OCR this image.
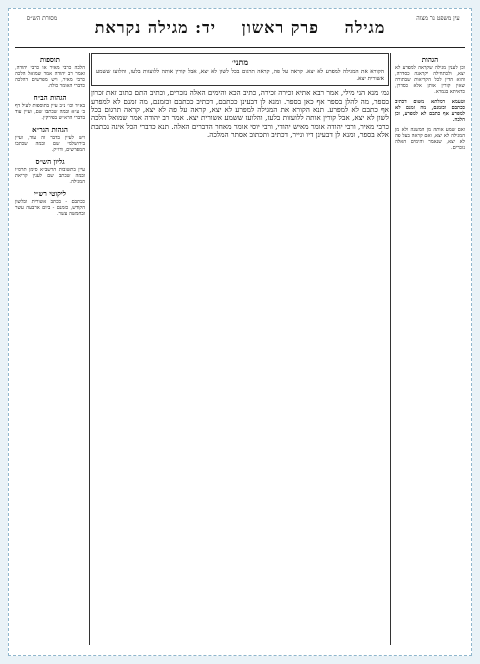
עין משפט נר מצוה
מגילה
פרק ראשון
יד: מגילה נקראת
מסורת הש״ס
הגהות
וכן לענין מגילה שקראה למפרע לא יצא, ולכתחילה יקראנה כסדרה, והוא הדין לכל הקריאות שבתורה שאין קורין אותן אלא כסדרן, כדאיתא בגמרא.
וטעמא דמלתא משום דכתיב ככתבם וכזמנם, מה זמנם לא למפרע אף כתבם לא למפרע, וכן הלכה.
ואם שמע אותה מן המשנה ולא מן המגילה לא יצא, ואם קראה בעל פה לא יצא, שנאמר והימים האלה נזכרים.
תוספות
הלכה כרבי מאיר או כרבי יהודה, ואמר רב יהודה אמר שמואל הלכה כרבי מאיר, ויש מפרשים דהלכה כדברי האומר כולה.
הגהות הב״ח
בא״ד וכו׳ נ״ב עיין בתוספות לעיל דף ב׳ ע״א ובמה שכתבו שם, ועיין עוד בדברי הרא״ש בפירקין.
הגהות הגר״א
ויש לעיין בדבר זה עוד, ועיין בירושלמי שם ובמה שכתבו המפרשים, ודו״ק.
גליון הש״ס
עיין בתשובות הרשב״א סימן תרס״ו ובמה שכתב שם לענין קריאת המגילה.
ליקוטי רש״י
ככתבם - בכתב אשורית ובלשון הקודש, כזמנם - ביום ארבעה עשר ובחמשה עשר.
מתני׳
הקורא את המגילה למפרע לא יצא. קראה על פה, קראה תרגום בכל לשון לא יצא, אבל קורין אותה ללועזות בלעז, והלועז ששמע אשורית יצא.
גמ׳ מנא הני מילי, אמר רבא אתיא זכירה זכירה, כתיב הכא והימים האלה נזכרים, וכתיב התם כתוב זאת זכרון בספר, מה להלן בספר אף כאן בספר. ומנא לן דבעינן ככתבם, דכתיב ככתבם וכזמנם, מה זמנם לא למפרע אף כתבם לא למפרע. תנא הקורא את המגילה למפרע לא יצא, קראה על פה לא יצא, קראה תרגום בכל לשון לא יצא, אבל קורין אותה ללועזות בלעז, והלועז ששמע אשורית יצא. אמר רב יהודה אמר שמואל הלכה כרבי מאיר, ורבי יהודה אומר מאיש יהודי, ורבי יוסי אומר מאחר הדברים האלה. תנא כדברי הכל אינה נכתבת אלא בספר, ומנא לן דבעינן דיו ונייר, דכתיב ותכתוב אסתר המלכה.
